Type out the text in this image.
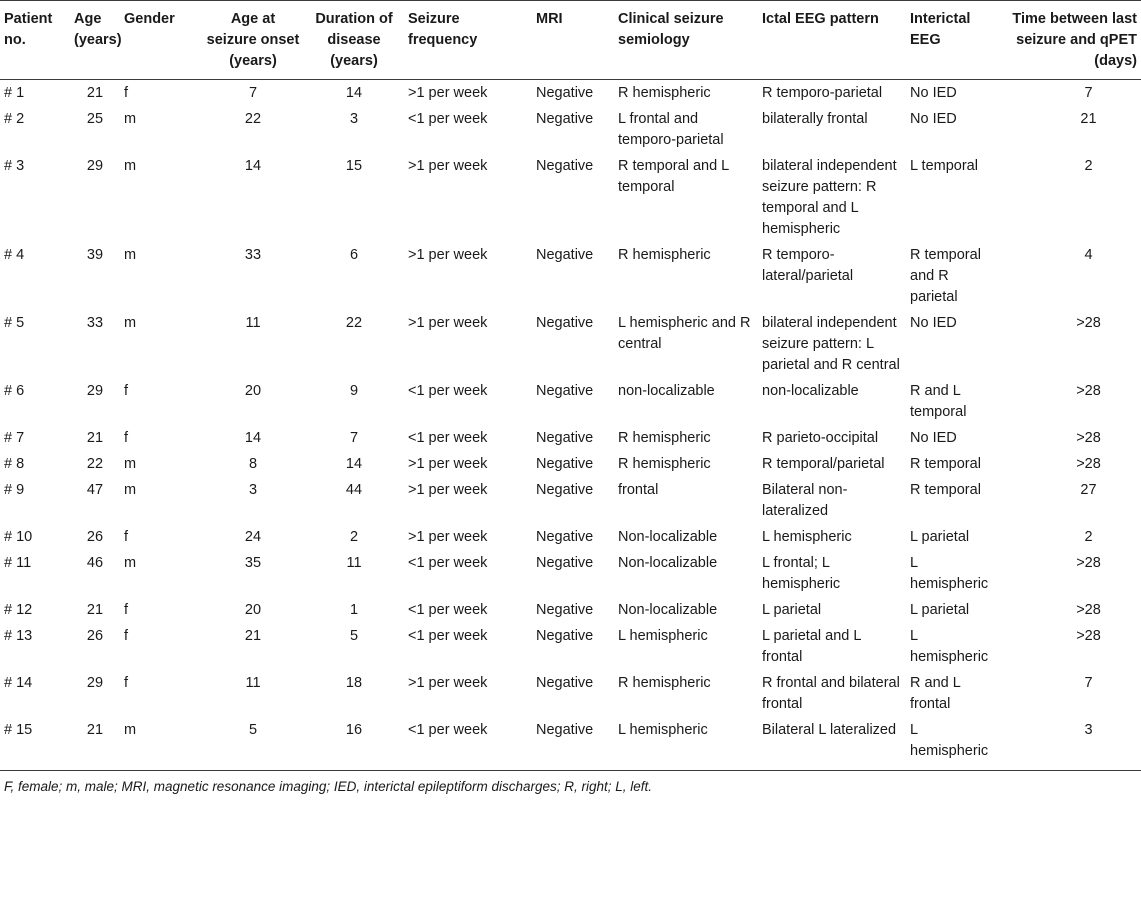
Patient no.	Age (years)	Gender	Age at seizure onset (years)	Duration of disease (years)	Seizure frequency	MRI	Clinical seizure semiology	Ictal EEG pattern	Interictal EEG	Time between last seizure and qPET (days)
# 1	21	f	7	14	>1 per week	Negative	R hemispheric	R temporo-parietal	No IED	7
# 2	25	m	22	3	<1 per week	Negative	L frontal and temporo-parietal	bilaterally frontal	No IED	21
# 3	29	m	14	15	>1 per week	Negative	R temporal and L temporal	bilateral independent seizure pattern: R temporal and L hemispheric	L temporal	2
# 4	39	m	33	6	>1 per week	Negative	R hemispheric	R temporo-lateral/parietal	R temporal and R parietal	4
# 5	33	m	11	22	>1 per week	Negative	L hemispheric and R central	bilateral independent seizure pattern: L parietal and R central	No IED	>28
# 6	29	f	20	9	<1 per week	Negative	non-localizable	non-localizable	R and L temporal	>28
# 7	21	f	14	7	<1 per week	Negative	R hemispheric	R parieto-occipital	No IED	>28
# 8	22	m	8	14	>1 per week	Negative	R hemispheric	R temporal/parietal	R temporal	>28
# 9	47	m	3	44	>1 per week	Negative	frontal	Bilateral non-lateralized	R temporal	27
# 10	26	f	24	2	>1 per week	Negative	Non-localizable	L hemispheric	L parietal	2
# 11	46	m	35	11	<1 per week	Negative	Non-localizable	L frontal; L hemispheric	L hemispheric	>28
# 12	21	f	20	1	<1 per week	Negative	Non-localizable	L parietal	L parietal	>28
# 13	26	f	21	5	<1 per week	Negative	L hemispheric	L parietal and L frontal	L hemispheric	>28
# 14	29	f	11	18	>1 per week	Negative	R hemispheric	R frontal and bilateral frontal	R and L frontal	7
# 15	21	m	5	16	<1 per week	Negative	L hemispheric	Bilateral L lateralized	L hemispheric	3
F, female; m, male; MRI, magnetic resonance imaging; IED, interictal epileptiform discharges; R, right; L, left.
